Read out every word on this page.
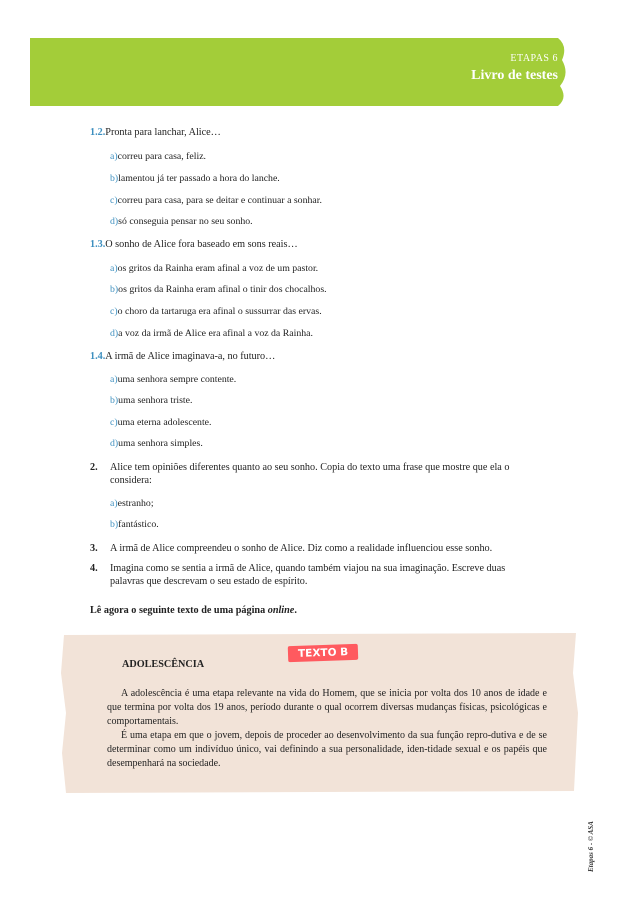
ETAPAS 6
Livro de testes
1.2.Pronta para lanchar, Alice…
a)correu para casa, feliz.
b)lamentou já ter passado a hora do lanche.
c)correu para casa, para se deitar e continuar a sonhar.
d)só conseguia pensar no seu sonho.
1.3.O sonho de Alice fora baseado em sons reais…
a)os gritos da Rainha eram afinal a voz de um pastor.
b)os gritos da Rainha eram afinal o tinir dos chocalhos.
c)o choro da tartaruga era afinal o sussurrar das ervas.
d)a voz da irmã de Alice era afinal a voz da Rainha.
1.4.A irmã de Alice imaginava-a, no futuro…
a)uma senhora sempre contente.
b)uma senhora triste.
c)uma eterna adolescente.
d)uma senhora simples.
2. Alice tem opiniões diferentes quanto ao seu sonho. Copia do texto uma frase que mostre que ela o
considera:
a)estranho;
b)fantástico.
3. A irmã de Alice compreendeu o sonho de Alice. Diz como a realidade influenciou esse sonho.
4. Imagina como se sentia a irmã de Alice, quando também viajou na sua imaginação. Escreve duas
palavras que descrevam o seu estado de espírito.
Lê agora o seguinte texto de uma página online.
TEXTO B
ADOLESCÊNCIA
A adolescência é uma etapa relevante na vida do Homem, que se inicia por volta dos 10 anos de idade e que termina por volta dos 19 anos, período durante o qual ocorrem diversas mudanças físicas, psicológicas e comportamentais.
É uma etapa em que o jovem, depois de proceder ao desenvolvimento da sua função repro-dutiva e de se determinar como um indivíduo único, vai definindo a sua personalidade, iden-tidade sexual e os papéis que desempenhará na sociedade.
Etapas 6 - © ASA
